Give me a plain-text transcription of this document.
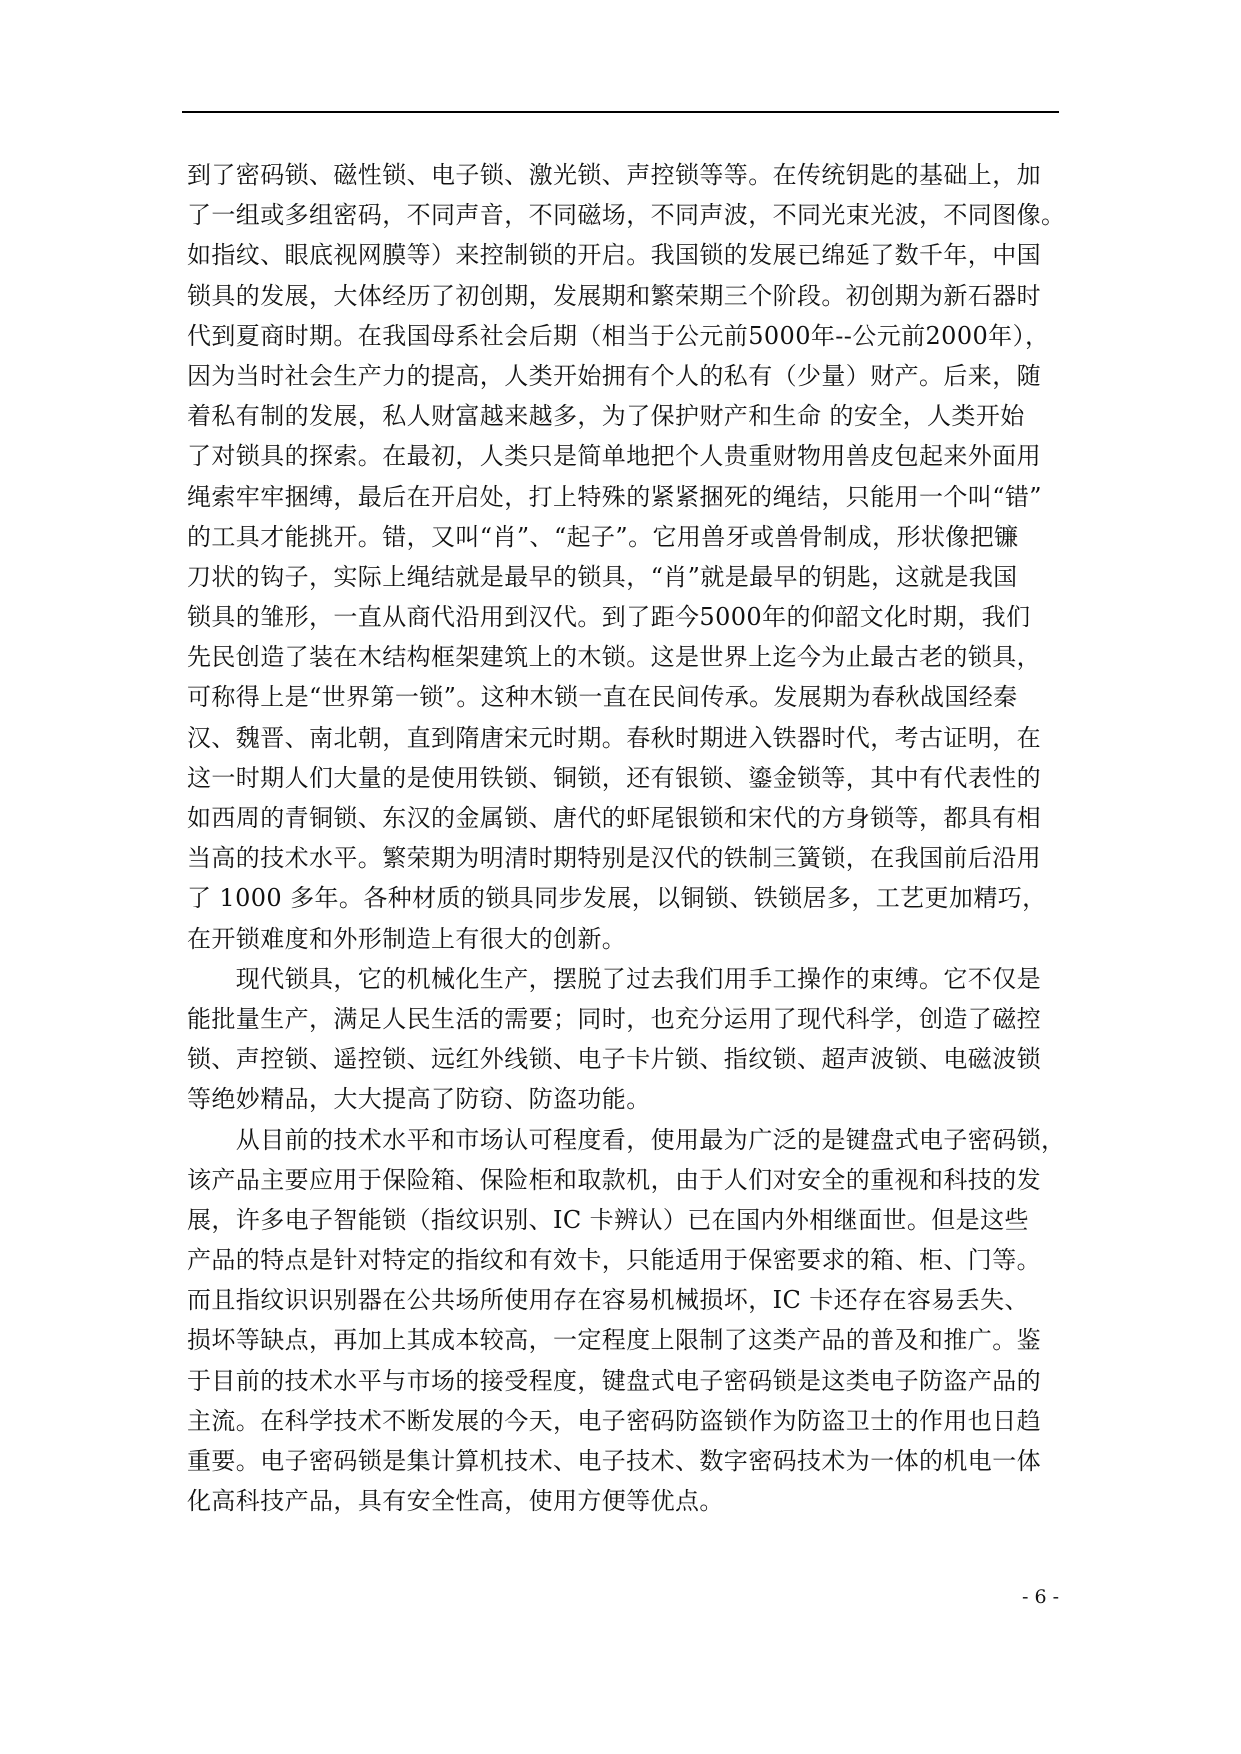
到了密码锁、磁性锁、电子锁、激光锁、声控锁等等。在传统钥匙的基础上，加
了一组或多组密码，不同声音，不同磁场，不同声波，不同光束光波，不同图像。
如指纹、眼底视网膜等）来控制锁的开启。我国锁的发展已绵延了数千年，中国
锁具的发展，大体经历了初创期，发展期和繁荣期三个阶段。初创期为新石器时
代到夏商时期。在我国母系社会后期（相当于公元前5000年--公元前2000年），
因为当时社会生产力的提高，人类开始拥有个人的私有（少量）财产。后来，随
着私有制的发展，私人财富越来越多，为了保护财产和生命 的安全，人类开始
了对锁具的探索。在最初，人类只是简单地把个人贵重财物用兽皮包起来外面用
绳索牢牢捆缚，最后在开启处，打上特殊的紧紧捆死的绳结，只能用一个叫“错”
的工具才能挑开。错，又叫“肖”、“起子”。它用兽牙或兽骨制成，形状像把镰
刀状的钩子，实际上绳结就是最早的锁具，“肖”就是最早的钥匙，这就是我国
锁具的雏形，一直从商代沿用到汉代。到了距今5000年的仰韶文化时期，我们
先民创造了装在木结构框架建筑上的木锁。这是世界上迄今为止最古老的锁具，
可称得上是“世界第一锁”。这种木锁一直在民间传承。发展期为春秋战国经秦
汉、魏晋、南北朝，直到隋唐宋元时期。春秋时期进入铁器时代，考古证明，在
这一时期人们大量的是使用铁锁、铜锁，还有银锁、鎏金锁等，其中有代表性的
如西周的青铜锁、东汉的金属锁、唐代的虾尾银锁和宋代的方身锁等，都具有相
当高的技术水平。繁荣期为明清时期特别是汉代的铁制三簧锁，在我国前后沿用
了 1000 多年。各种材质的锁具同步发展，以铜锁、铁锁居多，工艺更加精巧，
在开锁难度和外形制造上有很大的创新。
　　现代锁具，它的机械化生产，摆脱了过去我们用手工操作的束缚。它不仅是
能批量生产，满足人民生活的需要；同时，也充分运用了现代科学，创造了磁控
锁、声控锁、遥控锁、远红外线锁、电子卡片锁、指纹锁、超声波锁、电磁波锁
等绝妙精品，大大提高了防窃、防盗功能。
　　从目前的技术水平和市场认可程度看，使用最为广泛的是键盘式电子密码锁，
该产品主要应用于保险箱、保险柜和取款机，由于人们对安全的重视和科技的发
展，许多电子智能锁（指纹识别、IC 卡辨认）已在国内外相继面世。但是这些
产品的特点是针对特定的指纹和有效卡，只能适用于保密要求的箱、柜、门等。
而且指纹识识别器在公共场所使用存在容易机械损坏，IC 卡还存在容易丢失、
损坏等缺点，再加上其成本较高，一定程度上限制了这类产品的普及和推广。鉴
于目前的技术水平与市场的接受程度，键盘式电子密码锁是这类电子防盗产品的
主流。在科学技术不断发展的今天，电子密码防盗锁作为防盗卫士的作用也日趋
重要。电子密码锁是集计算机技术、电子技术、数字密码技术为一体的机电一体
化高科技产品，具有安全性高，使用方便等优点。
- 6 -
